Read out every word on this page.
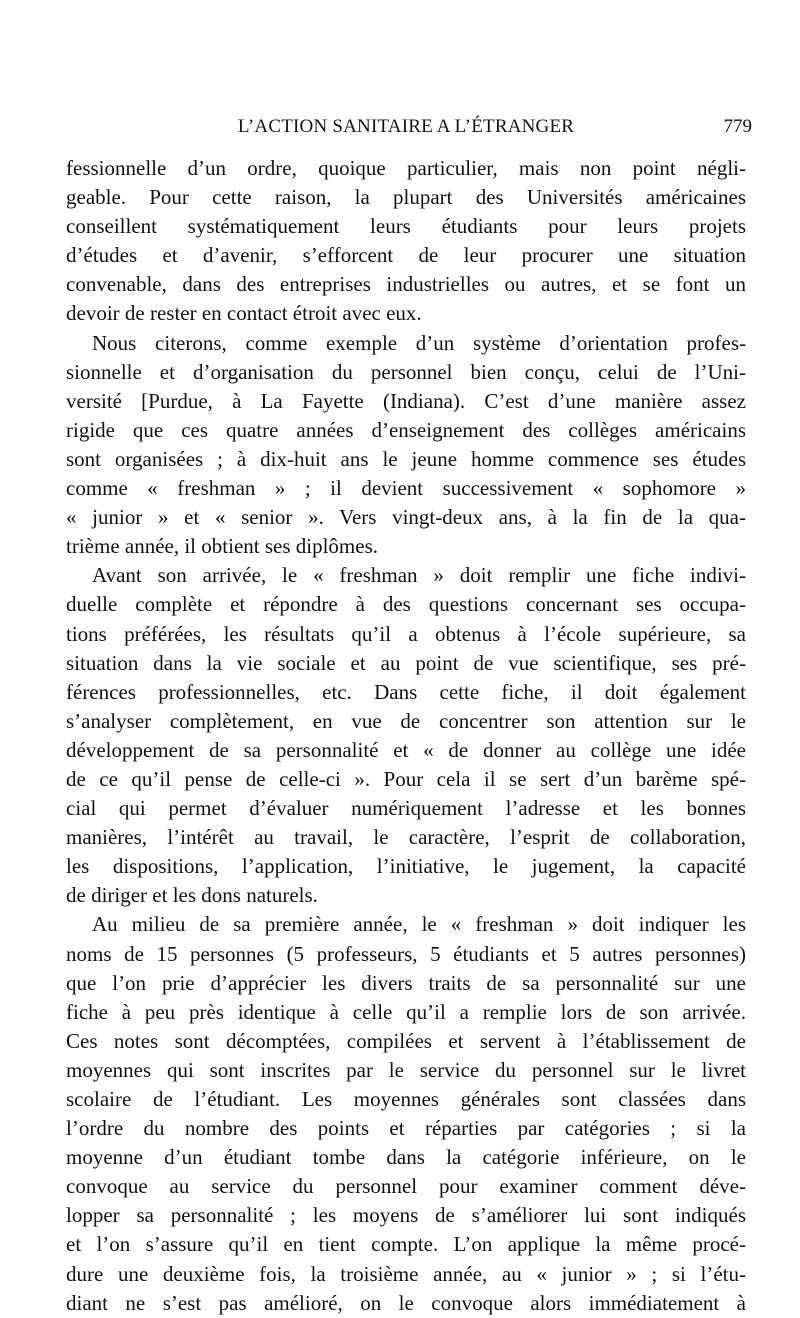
L’ACTION SANITAIRE A L’ÉTRANGER	779
fessionnelle d’un ordre, quoique particulier, mais non point négli-
geable. Pour cette raison, la plupart des Universités américaines
conseillent systématiquement leurs étudiants pour leurs projets
d’études et d’avenir, s’efforcent de leur procurer une situation
convenable, dans des entreprises industrielles ou autres, et se font un
devoir de rester en contact étroit avec eux.
Nous citerons, comme exemple d’un système d’orientation profes-
sionnelle et d’organisation du personnel bien conçu, celui de l’Uni-
versité [Purdue, à La Fayette (Indiana). C’est d’une manière assez
rigide que ces quatre années d’enseignement des collèges américains
sont organisées ; à dix-huit ans le jeune homme commence ses études
comme « freshman » ; il devient successivement « sophomore »
« junior » et « senior ». Vers vingt-deux ans, à la fin de la qua-
trième année, il obtient ses diplômes.
Avant son arrivée, le « freshman » doit remplir une fiche indivi-
duelle complète et répondre à des questions concernant ses occupa-
tions préférées, les résultats qu’il a obtenus à l’école supérieure, sa
situation dans la vie sociale et au point de vue scientifique, ses pré-
férences professionnelles, etc. Dans cette fiche, il doit également
s’analyser complètement, en vue de concentrer son attention sur le
développement de sa personnalité et « de donner au collège une idée
de ce qu’il pense de celle-ci ». Pour cela il se sert d’un barème spé-
cial qui permet d’évaluer numériquement l’adresse et les bonnes
manières, l’intérêt au travail, le caractère, l’esprit de collaboration,
les dispositions, l’application, l’initiative, le jugement, la capacité
de diriger et les dons naturels.
Au milieu de sa première année, le « freshman » doit indiquer les
noms de 15 personnes (5 professeurs, 5 étudiants et 5 autres personnes)
que l’on prie d’apprécier les divers traits de sa personnalité sur une
fiche à peu près identique à celle qu’il a remplie lors de son arrivée.
Ces notes sont décomptées, compilées et servent à l’établissement de
moyennes qui sont inscrites par le service du personnel sur le livret
scolaire de l’étudiant. Les moyennes générales sont classées dans
l’ordre du nombre des points et réparties par catégories ; si la
moyenne d’un étudiant tombe dans la catégorie inférieure, on le
convoque au service du personnel pour examiner comment déve-
lopper sa personnalité ; les moyens de s’améliorer lui sont indiqués
et l’on s’assure qu’il en tient compte. L’on applique la même procé-
dure une deuxième fois, la troisième année, au « junior » ; si l’étu-
diant ne s’est pas amélioré, on le convoque alors immédiatement à
